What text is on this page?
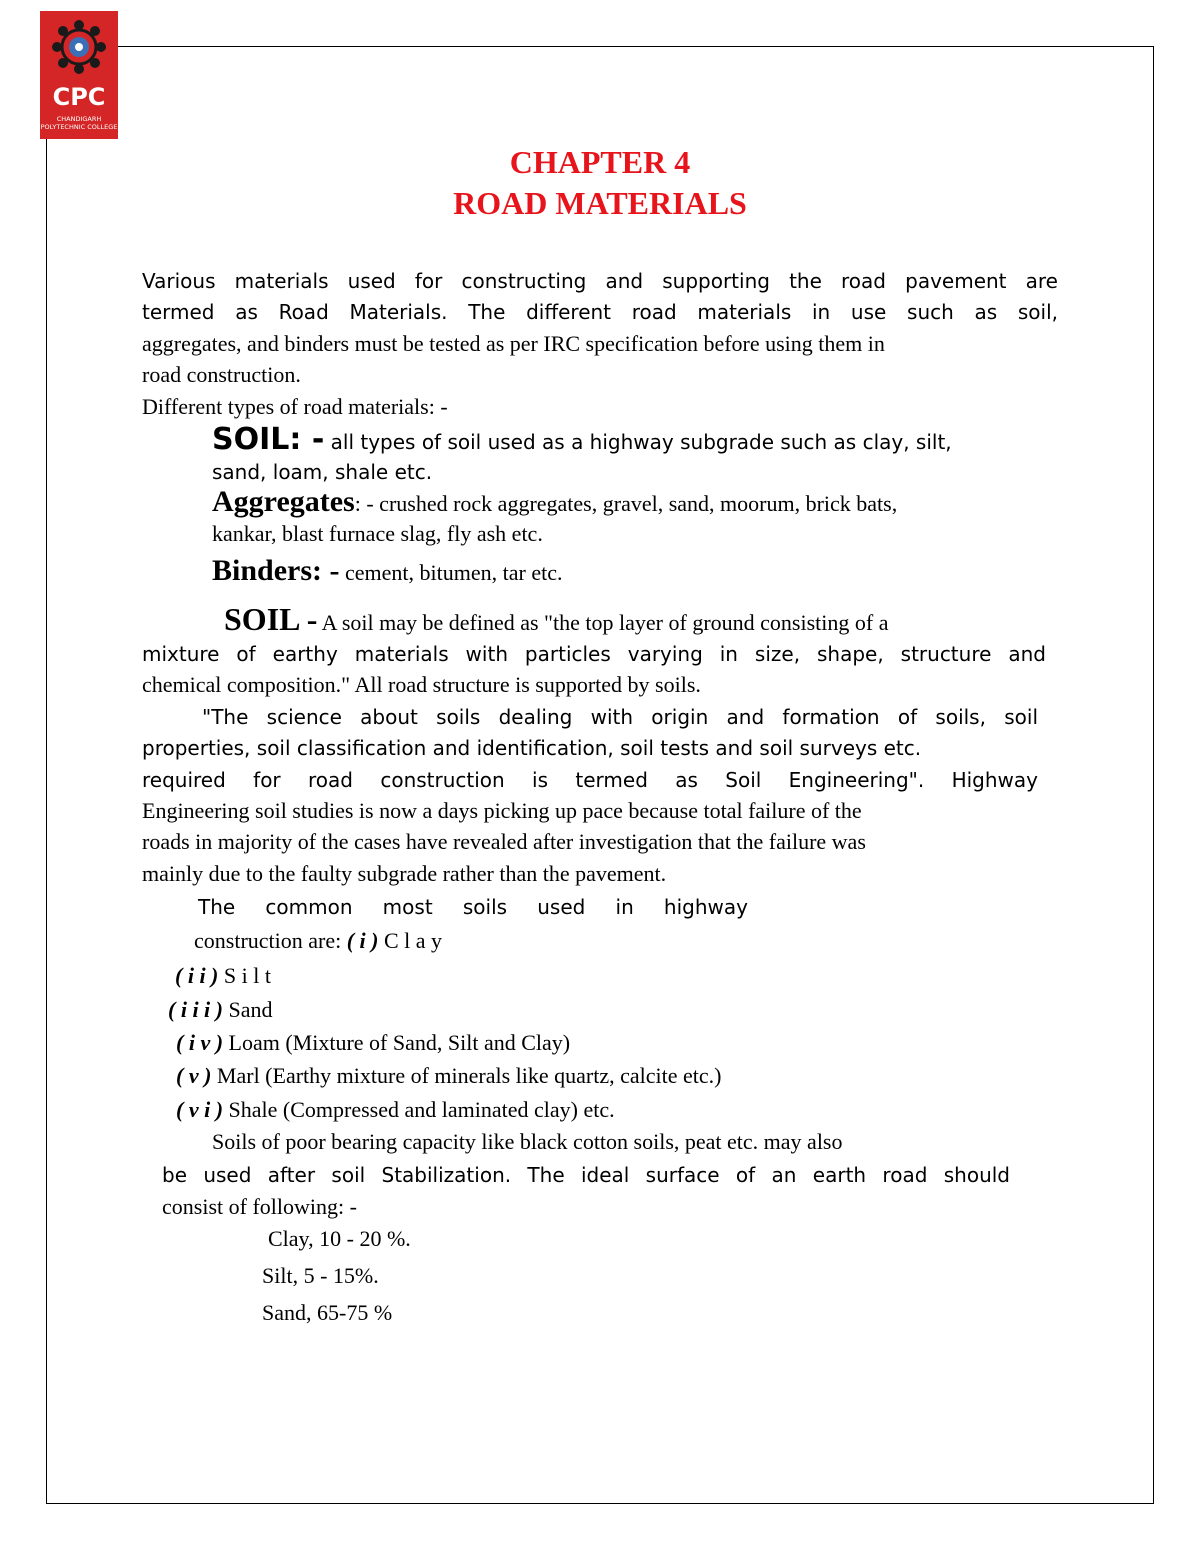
CPC
CHANDIGARH
POLYTECHNIC COLLEGE
CHAPTER 4
ROAD MATERIALS
Various materials used for constructing and supporting the road pavement are
termed as Road Materials. The different road materials in use such as soil,
aggregates, and binders must be tested as per IRC specification before using them in
road construction.
Different types of road materials: -
SOIL: - all types of soil used as a highway subgrade such as clay, silt,
sand, loam, shale etc.
Aggregates: - crushed rock aggregates, gravel, sand, moorum, brick bats,
kankar, blast furnace slag, fly ash etc.
Binders: - cement, bitumen, tar etc.
SOIL - A soil may be defined as "the top layer of ground consisting of a
mixture of earthy materials with particles varying in size, shape, structure and
chemical composition." All road structure is supported by soils.
"The science about soils dealing with origin and formation of soils, soil
properties, soil classification and identification, soil tests and soil surveys etc.
required for road construction is termed as Soil Engineering". Highway
Engineering soil studies is now a days picking up pace because total failure of the
roads in majority of the cases have revealed after investigation that the failure was
mainly due to the faulty subgrade rather than the pavement.
The common most soils used in highway
construction are: ( i ) C l a y
( i i ) S i l t
( i i i ) Sand
( i v ) Loam (Mixture of Sand, Silt and Clay)
( v ) Marl (Earthy mixture of minerals like quartz, calcite etc.)
( v i ) Shale (Compressed and laminated clay) etc.
Soils of poor bearing capacity like black cotton soils, peat etc. may also
be used after soil Stabilization. The ideal surface of an earth road should
consist of following: -
Clay, 10 - 20 %.
Silt, 5 - 15%.
Sand, 65-75 %
